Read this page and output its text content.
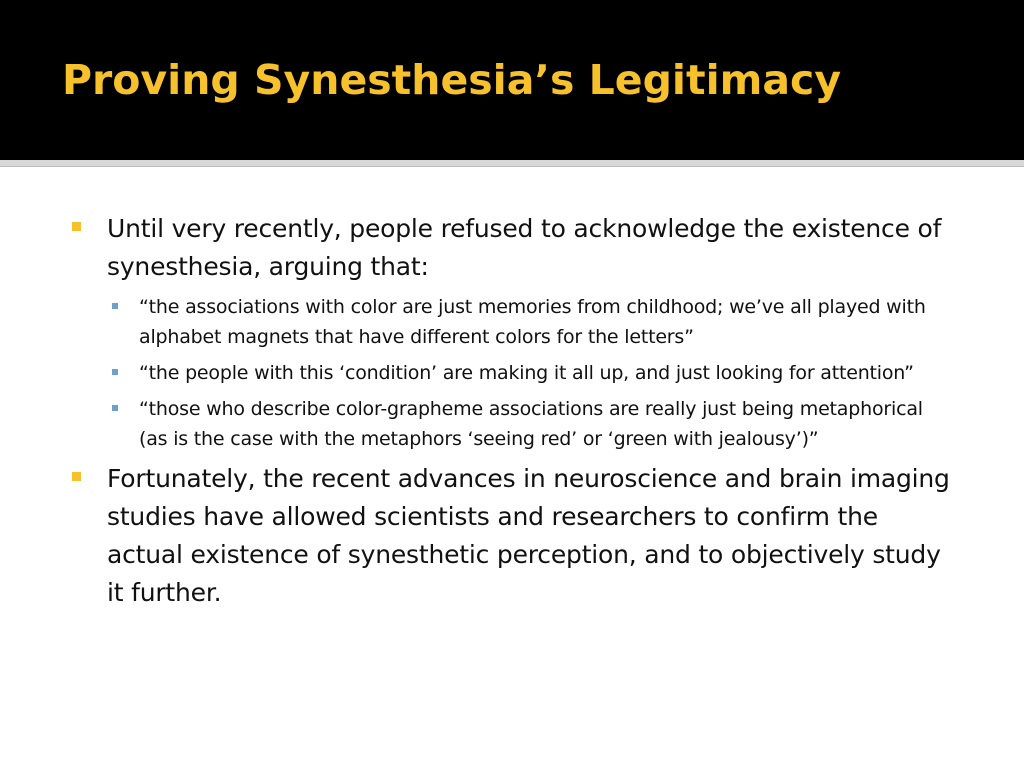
Proving Synesthesia’s Legitimacy

Until very recently, people refused to acknowledge the existence of synesthesia, arguing that:

“the associations with color are just memories from childhood; we’ve all played with alphabet magnets that have different colors for the letters”

“the people with this ‘condition’ are making it all up, and just looking for attention”

“those who describe color-grapheme associations are really just being metaphorical (as is the case with the metaphors ‘seeing red’ or ‘green with jealousy’)”

Fortunately, the recent advances in neuroscience and brain imaging studies have allowed scientists and researchers to confirm the actual existence of synesthetic perception, and to objectively study it further.
